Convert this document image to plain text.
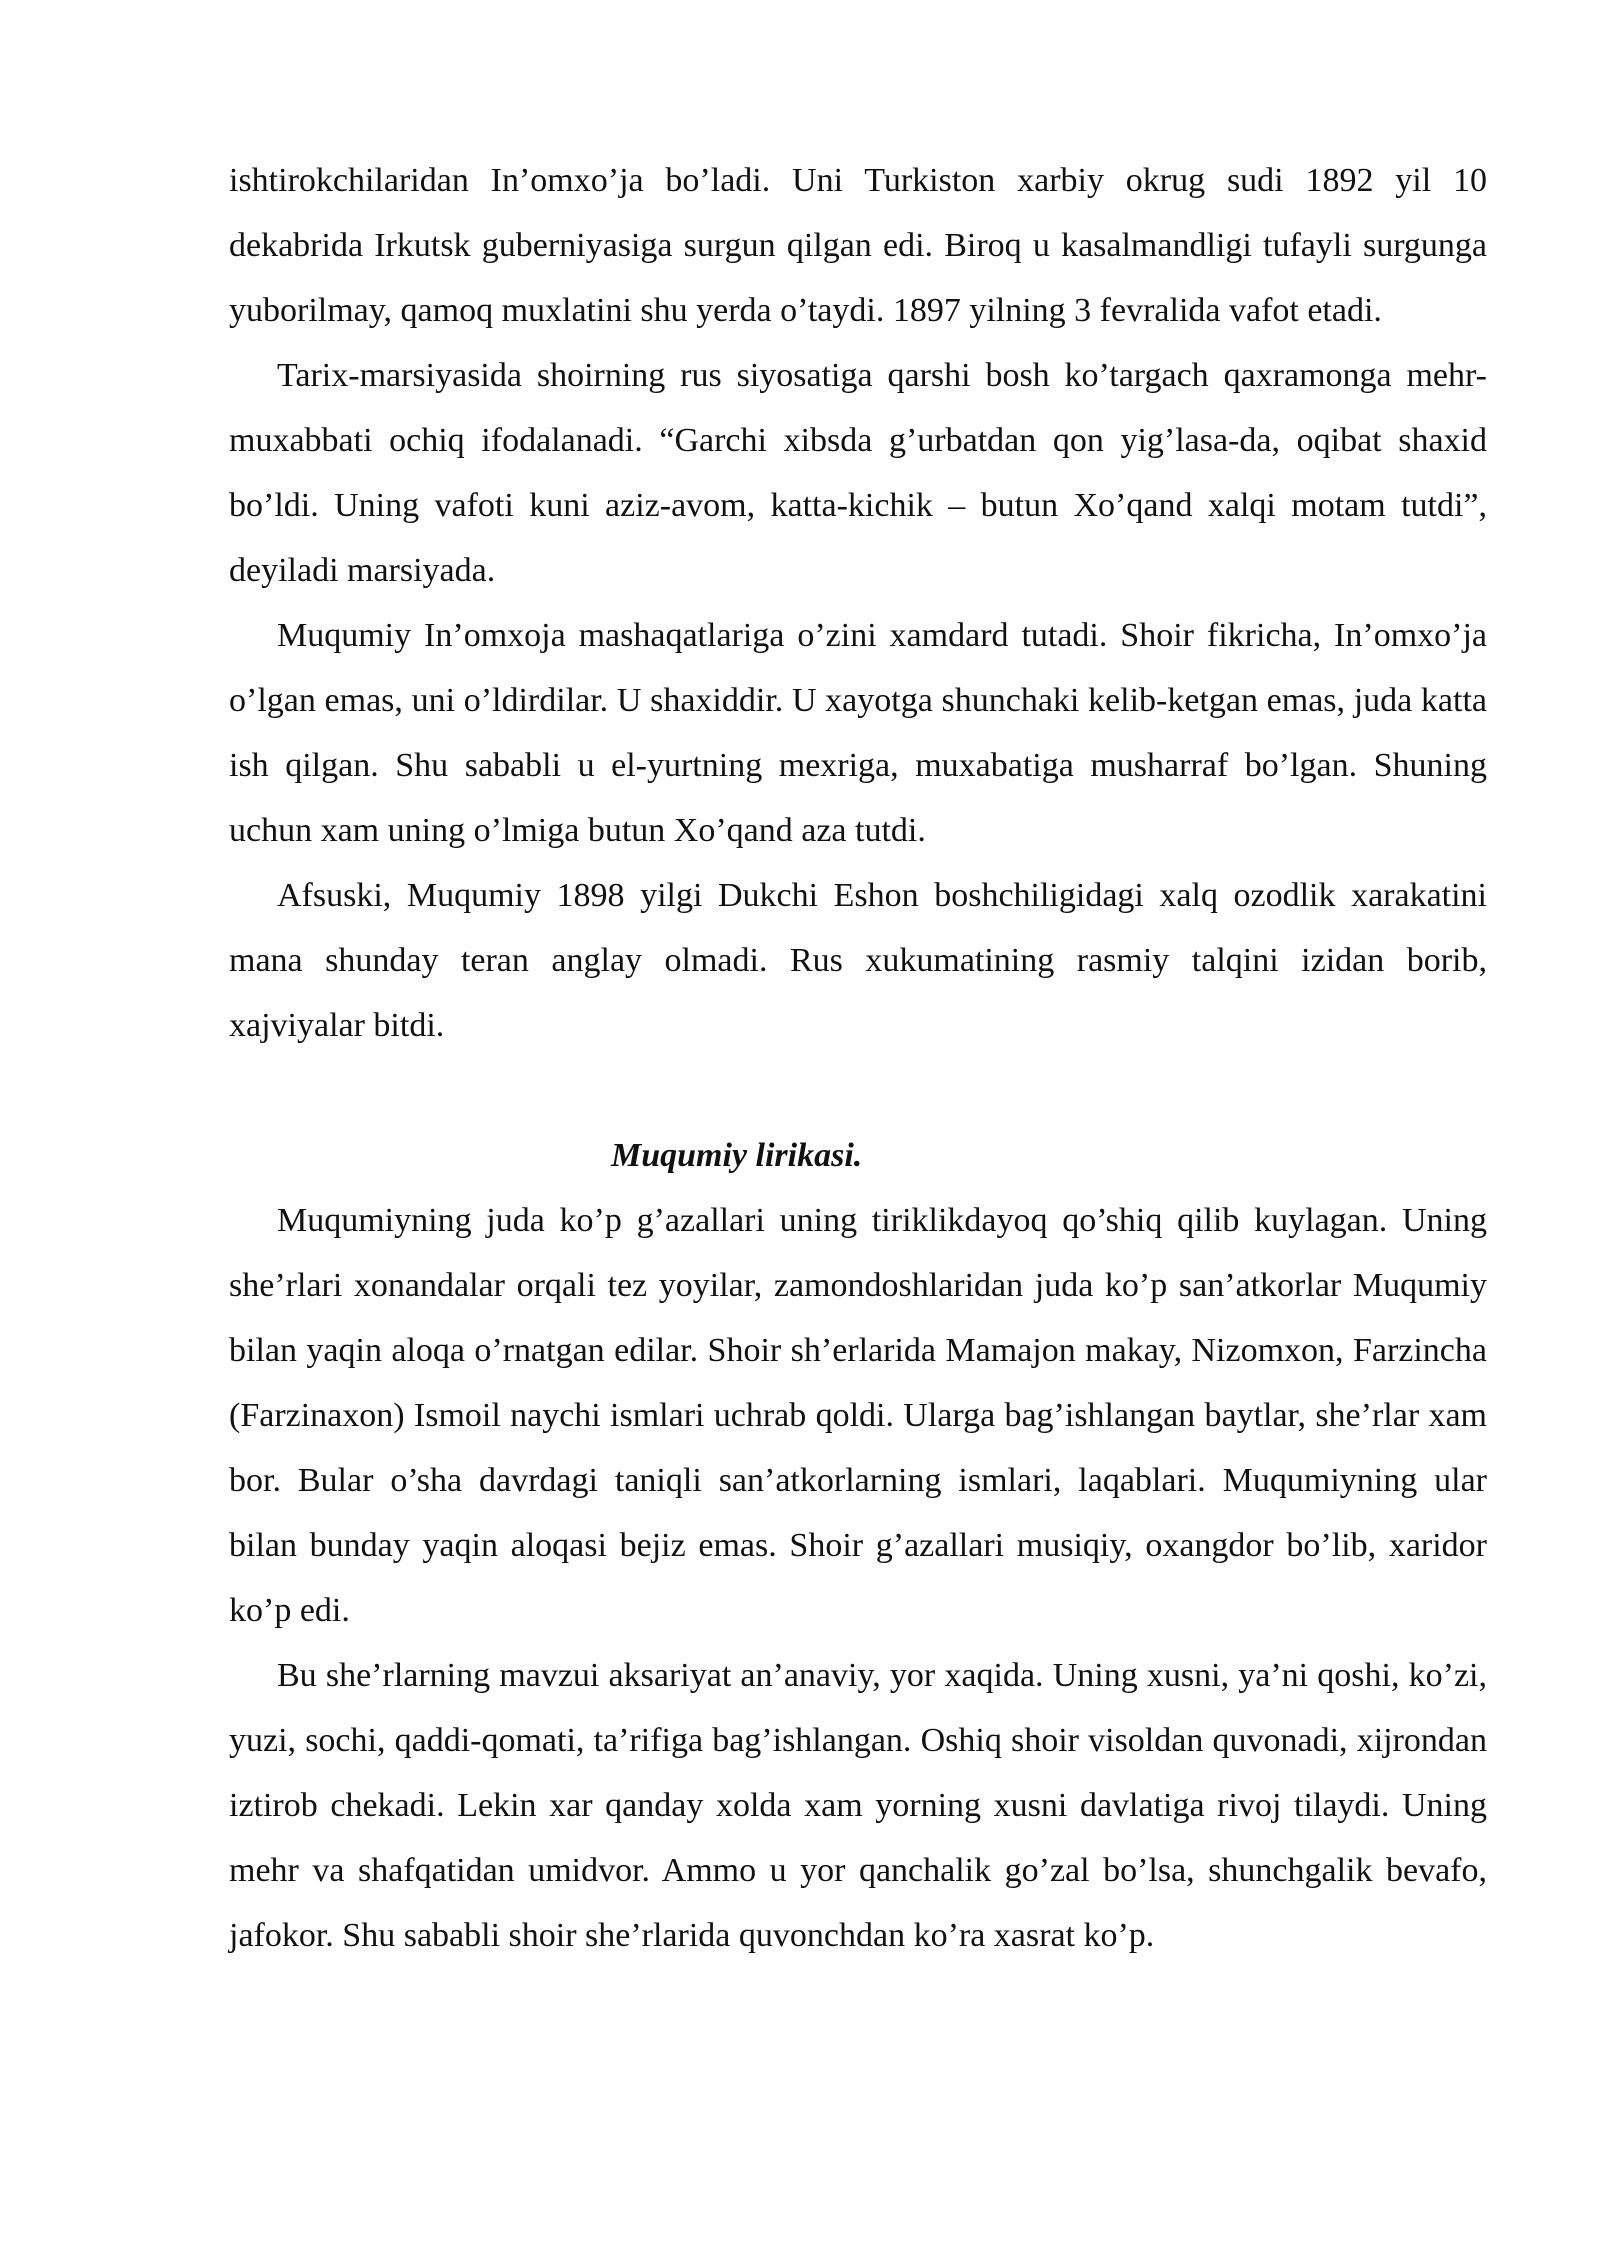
ishtirokchilaridan In’omxo’ja bo’ladi. Uni Turkiston xarbiy okrug sudi 1892 yil 10 dekabrida Irkutsk guberniyasiga surgun qilgan edi. Biroq u kasalmandligi tufayli surgunga yuborilmay, qamoq muxlatini shu yerda o’taydi. 1897 yilning 3 fevralida vafot etadi.

Tarix-marsiyasida shoirning rus siyosatiga qarshi bosh ko’targach qaxramonga mehr-muxabbati ochiq ifodalanadi. “Garchi xibsda g’urbatdan qon yig’lasa-da, oqibat shaxid bo’ldi. Uning vafoti kuni aziz-avom, katta-kichik – butun Xo’qand xalqi motam tutdi”, deyiladi marsiyada.

Muqumiy In’omxoja mashaqatlariga o’zini xamdard tutadi. Shoir fikricha, In’omxo’ja o’lgan emas, uni o’ldirdilar. U shaxiddir. U xayotga shunchaki kelib-ketgan emas, juda katta ish qilgan. Shu sababli u el-yurtning mexriga, muxabatiga musharraf bo’lgan. Shuning uchun xam uning o’lmiga butun Xo’qand aza tutdi.

Afsuski, Muqumiy 1898 yilgi Dukchi Eshon boshchiligidagi xalq ozodlik xarakatini mana shunday teran anglay olmadi. Rus xukumatining rasmiy talqini izidan borib, xajviyalar bitdi.

Muqumiy lirikasi.

Muqumiyning juda ko’p g’azallari uning tiriklikdayoq qo’shiq qilib kuylagan. Uning she’rlari xonandalar orqali tez yoyilar, zamondoshlaridan juda ko’p san’atkorlar Muqumiy bilan yaqin aloqa o’rnatgan edilar. Shoir sh’erlarida Mamajon makay, Nizomxon, Farzincha (Farzinaxon) Ismoil naychi ismlari uchrab qoldi. Ularga bag’ishlangan baytlar, she’rlar xam bor. Bular o’sha davrdagi taniqli san’atkorlarning ismlari, laqablari. Muqumiyning ular bilan bunday yaqin aloqasi bejiz emas. Shoir g’azallari musiqiy, oxangdor bo’lib, xaridor ko’p edi.

Bu she’rlarning mavzui aksariyat an’anaviy, yor xaqida. Uning xusni, ya’ni qoshi, ko’zi, yuzi, sochi, qaddi-qomati, ta’rifiga bag’ishlangan. Oshiq shoir visoldan quvonadi, xijrondan iztirob chekadi. Lekin xar qanday xolda xam yorning xusni davlatiga rivoj tilaydi. Uning mehr va shafqatidan umidvor. Ammo u yor qanchalik go’zal bo’lsa, shunchgalik bevafo, jafokor. Shu sababli shoir she’rlarida quvonchdan ko’ra xasrat ko’p.
